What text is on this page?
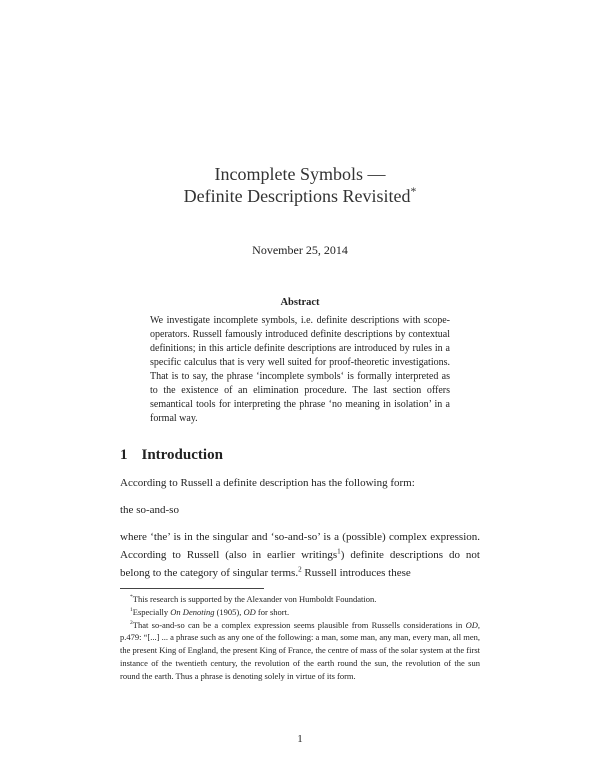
Incomplete Symbols —
Definite Descriptions Revisited*
November 25, 2014
Abstract
We investigate incomplete symbols, i.e. definite descriptions with scope-operators. Russell famously introduced definite descriptions by contextual definitions; in this article definite descriptions are introduced by rules in a specific calculus that is very well suited for proof-theoretic investigations. That is to say, the phrase ‘incomplete symbols‘ is formally interpreted as to the existence of an elimination procedure. The last section offers semantical tools for interpreting the phrase ‘no meaning in isolation’ in a formal way.
1 Introduction
According to Russell a definite description has the following form:
the so-and-so
where ‘the’ is in the singular and ‘so-and-so’ is a (possible) complex expression. According to Russell (also in earlier writings$^1$) definite descriptions do not belong to the category of singular terms.$^2$ Russell introduces these

*This research is supported by the Alexander von Humboldt Foundation.

$^1$Especially On Denoting (1905), OD for short.

$^2$That so-and-so can be a complex expression seems plausible from Russells considerations in OD, p.479: “[...] ... a phrase such as any one of the following: a man, some man, any man, every man, all men, the present King of England, the present King of France, the centre of mass of the solar system at the first instance of the twentieth century, the revolution of the earth round the sun, the revolution of the sun round the earth. Thus a phrase is denoting solely in virtue of its form.

1
